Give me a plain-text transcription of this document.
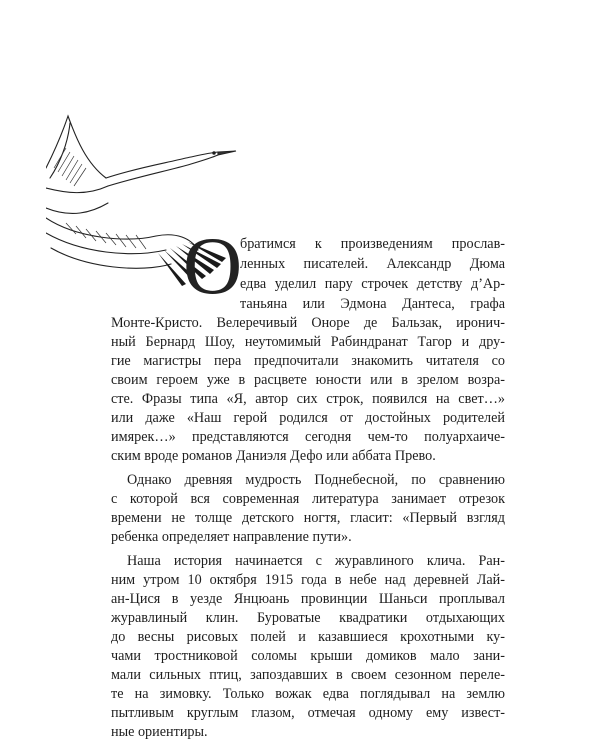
О
братимся к произведениям прослав-
ленных писателей. Александр Дюма
едва уделил пару строчек детству д’Ар-
таньяна или Эдмона Дантеса, графа
Монте-Кристо. Велеречивый Оноре де Бальзак, иронич-
ный Бернард Шоу, неутомимый Рабиндранат Тагор и дру-
гие магистры пера предпочитали знакомить читателя со
своим героем уже в расцвете юности или в зрелом возра-
сте. Фразы типа «Я, автор сих строк, появился на свет…»
или даже «Наш герой родился от достойных родителей
имярек…» представляются сегодня чем-то полуархаиче-
ским вроде романов Даниэля Дефо или аббата Прево.
Однако древняя мудрость Поднебесной, по сравнению
с которой вся современная литература занимает отрезок
времени не толще детского ногтя, гласит: «Первый взгляд
ребенка определяет направление пути».
Наша история начинается с журавлиного клича. Ран-
ним утром 10 октября 1915 года в небе над деревней Лай-
ан-Цися в уезде Янцюань провинции Шаньси проплывал
журавлиный клин. Буроватые квадратики отдыхающих
до весны рисовых полей и казавшиеся крохотными ку-
чами тростниковой соломы крыши домиков мало зани-
мали сильных птиц, запоздавших в своем сезонном переле-
те на зимовку. Только вожак едва поглядывал на землю
пытливым круглым глазом, отмечая одному ему извест-
ные ориентиры.
